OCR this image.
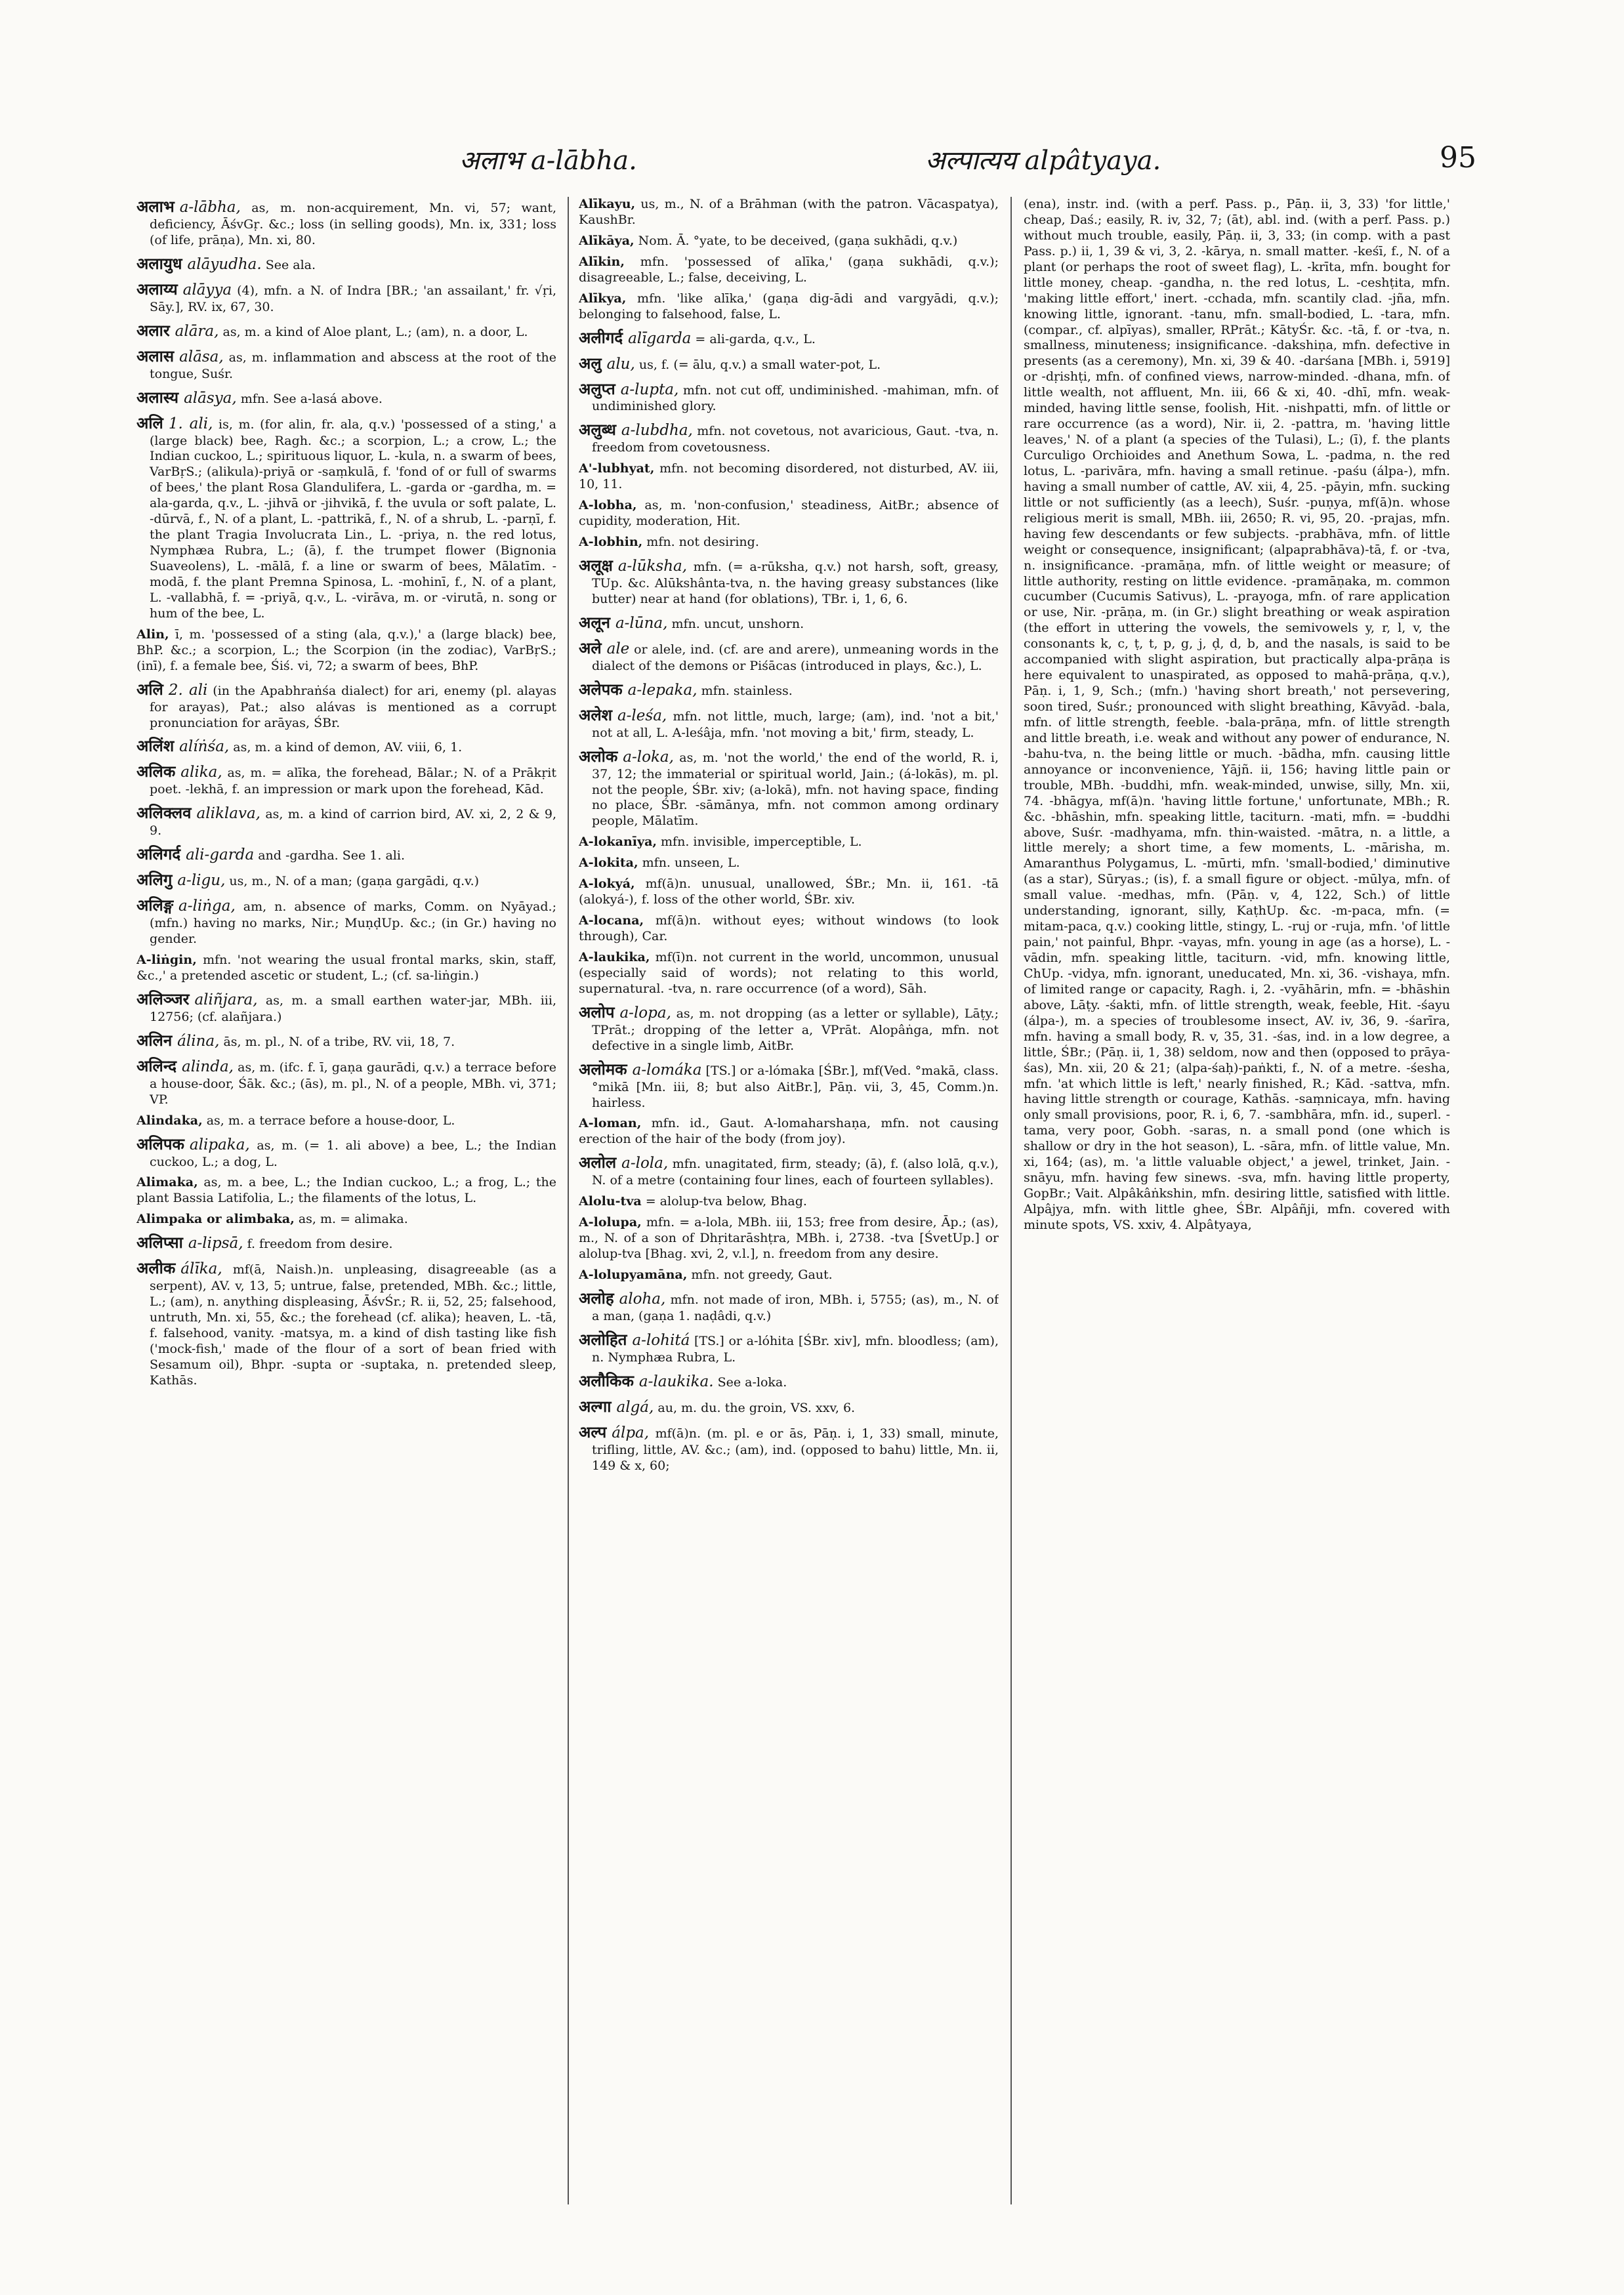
अलाभ a-lābha.	अल्पात्यय alpâtyaya.	95

अलाभ a-lābha, as, m. non-acquirement, Mn. vi, 57; want, deficiency, ĀśvGṛ. &c.; loss (in selling goods), Mn. ix, 331; loss (of life, prāṇa), Mn. xi, 80.

अलायुध alāyudha. See ala.

अलाय्य alāyya (4), mfn. a N. of Indra [BR.; 'an assailant,' fr. √ṛi, Sāy.], RV. ix, 67, 30.

अलार alāra, as, m. a kind of Aloe plant, L.; (am), n. a door, L.

अलास alāsa, as, m. inflammation and abscess at the root of the tongue, Suśr.

अलास्य alāsya, mfn. See a-lasá above.

अलि 1. ali, is, m. (for alin, fr. ala, q.v.) 'possessed of a sting,' a (large black) bee, Ragh. &c.; a scorpion, L.; a crow, L.; the Indian cuckoo, L.; spirituous liquor, L. -kula, n. a swarm of bees, VarBṛS.; (alikula)-priyā or -saṃkulā, f. 'fond of or full of swarms of bees,' the plant Rosa Glandulifera, L. -garda or -gardha, m. = ala-garda, q.v., L. -jihvā or -jihvikā, f. the uvula or soft palate, L. -dūrvā, f., N. of a plant, L. -pattrikā, f., N. of a shrub, L. -parṇī, f. the plant Tragia Involucrata Lin., L. -priya, n. the red lotus, Nymphæa Rubra, L.; (ā), f. the trumpet flower (Bignonia Suaveolens), L. -mālā, f. a line or swarm of bees, Mālatīm. -modā, f. the plant Premna Spinosa, L. -mohinī, f., N. of a plant, L. -vallabhā, f. = -priyā, q.v., L. -virāva, m. or -virutā, n. song or hum of the bee, L.

Alin, ī, m. 'possessed of a sting (ala, q.v.),' a (large black) bee, BhP. &c.; a scorpion, L.; the Scorpion (in the zodiac), VarBṛS.; (inī), f. a female bee, Śiś. vi, 72; a swarm of bees, BhP.

अलि 2. ali (in the Apabhraṅśa dialect) for ari, enemy (pl. alayas for arayas), Pat.; also alávas is mentioned as a corrupt pronunciation for arāyas, ŚBr.

अलिंश alíṅśa, as, m. a kind of demon, AV. viii, 6, 1.

अलिक alika, as, m. = alīka, the forehead, Bālar.; N. of a Prākṛit poet. -lekhā, f. an impression or mark upon the forehead, Kād.

अलिक्लव aliklava, as, m. a kind of carrion bird, AV. xi, 2, 2 & 9, 9.

अलिगर्द ali-garda and -gardha. See 1. ali.

अलिगु a-ligu, us, m., N. of a man; (gaṇa gargādi, q.v.)

अलिङ्ग a-liṅga, am, n. absence of marks, Comm. on Nyāyad.; (mfn.) having no marks, Nir.; MuṇḍUp. &c.; (in Gr.) having no gender.

A-liṅgin, mfn. 'not wearing the usual frontal marks, skin, staff, &c.,' a pretended ascetic or student, L.; (cf. sa-liṅgin.)

अलिञ्जर aliñjara, as, m. a small earthen water-jar, MBh. iii, 12756; (cf. alañjara.)

अलिन álina, ās, m. pl., N. of a tribe, RV. vii, 18, 7.

अलिन्द alinda, as, m. (ifc. f. ī, gaṇa gaurādi, q.v.) a terrace before a house-door, Śāk. &c.; (ās), m. pl., N. of a people, MBh. vi, 371; VP.

Alindaka, as, m. a terrace before a house-door, L.

अलिपक alipaka, as, m. (= 1. ali above) a bee, L.; the Indian cuckoo, L.; a dog, L.

Alimaka, as, m. a bee, L.; the Indian cuckoo, L.; a frog, L.; the plant Bassia Latifolia, L.; the filaments of the lotus, L.

Alimpaka or alimbaka, as, m. = alimaka.

अलिप्सा a-lipsā, f. freedom from desire.

अलीक álīka, mf(ā, Naish.)n. unpleasing, disagreeable (as a serpent), AV. v, 13, 5; untrue, false, pretended, MBh. &c.; little, L.; (am), n. anything displeasing, ĀśvŚr.; R. ii, 52, 25; falsehood, untruth, Mn. xi, 55, &c.; the forehead (cf. alika); heaven, L. -tā, f. falsehood, vanity. -matsya, m. a kind of dish tasting like fish ('mock-fish,' made of the flour of a sort of bean fried with Sesamum oil), Bhpr. -supta or -suptaka, n. pretended sleep, Kathās.

Alīkayu, us, m., N. of a Brāhman (with the patron. Vācaspatya), KaushBr.

Alīkāya, Nom. Ā. °yate, to be deceived, (gaṇa sukhādi, q.v.)

Alīkin, mfn. 'possessed of alīka,' (gaṇa sukhādi, q.v.); disagreeable, L.; false, deceiving, L.

Alīkya, mfn. 'like alīka,' (gaṇa dig-ādi and vargyādi, q.v.); belonging to falsehood, false, L.

अलीगर्द alīgarda = ali-garda, q.v., L.

अलु alu, us, f. (= ālu, q.v.) a small water-pot, L.

अलुप्त a-lupta, mfn. not cut off, undiminished. -mahiman, mfn. of undiminished glory.

अलुब्ध a-lubdha, mfn. not covetous, not avaricious, Gaut. -tva, n. freedom from covetousness.

A'-lubhyat, mfn. not becoming disordered, not disturbed, AV. iii, 10, 11.

A-lobha, as, m. 'non-confusion,' steadiness, AitBr.; absence of cupidity, moderation, Hit.

A-lobhin, mfn. not desiring.

अलूक्ष a-lūksha, mfn. (= a-rūksha, q.v.) not harsh, soft, greasy, TUp. &c. Alūkshânta-tva, n. the having greasy substances (like butter) near at hand (for oblations), TBr. i, 1, 6, 6.

अलून a-lūna, mfn. uncut, unshorn.

अले ale or alele, ind. (cf. are and arere), unmeaning words in the dialect of the demons or Piśācas (introduced in plays, &c.), L.

अलेपक a-lepaka, mfn. stainless.

अलेश a-leśa, mfn. not little, much, large; (am), ind. 'not a bit,' not at all, L. A-leśâja, mfn. 'not moving a bit,' firm, steady, L.

अलोक a-loka, as, m. 'not the world,' the end of the world, R. i, 37, 12; the immaterial or spiritual world, Jain.; (á-lokās), m. pl. not the people, ŚBr. xiv; (a-lokā), mfn. not having space, finding no place, ŚBr. -sāmānya, mfn. not common among ordinary people, Mālatīm.

A-lokanīya, mfn. invisible, imperceptible, L.

A-lokita, mfn. unseen, L.

A-lokyá, mf(ā)n. unusual, unallowed, ŚBr.; Mn. ii, 161. -tā (alokyá-), f. loss of the other world, ŚBr. xiv.

A-locana, mf(ā)n. without eyes; without windows (to look through), Car.

A-laukika, mf(ī)n. not current in the world, uncommon, unusual (especially said of words); not relating to this world, supernatural. -tva, n. rare occurrence (of a word), Sāh.

अलोप a-lopa, as, m. not dropping (as a letter or syllable), Lāṭy.; TPrāt.; dropping of the letter a, VPrāt. Alopâṅga, mfn. not defective in a single limb, AitBr.

अलोमक a-lomáka [TS.] or a-lómaka [ŚBr.], mf(Ved. °makā, class. °mikā [Mn. iii, 8; but also AitBr.], Pāṇ. vii, 3, 45, Comm.)n. hairless.

A-loman, mfn. id., Gaut. A-lomaharshaṇa, mfn. not causing erection of the hair of the body (from joy).

अलोल a-lola, mfn. unagitated, firm, steady; (ā), f. (also lolā, q.v.), N. of a metre (containing four lines, each of fourteen syllables).

Alolu-tva = alolup-tva below, Bhag.

A-lolupa, mfn. = a-lola, MBh. iii, 153; free from desire, Āp.; (as), m., N. of a son of Dhṛitarāshṭra, MBh. i, 2738. -tva [ŚvetUp.] or alolup-tva [Bhag. xvi, 2, v.l.], n. freedom from any desire.

A-lolupyamāna, mfn. not greedy, Gaut.

अलोह aloha, mfn. not made of iron, MBh. i, 5755; (as), m., N. of a man, (gaṇa 1. naḍâdi, q.v.)

अलोहित a-lohitá [TS.] or a-lóhita [ŚBr. xiv], mfn. bloodless; (am), n. Nymphæa Rubra, L.

अलौकिक a-laukika. See a-loka.

अल्गा algá, au, m. du. the groin, VS. xxv, 6.

अल्प álpa, mf(ā)n. (m. pl. e or ās, Pāṇ. i, 1, 33) small, minute, trifling, little, AV. &c.; (am), ind. (opposed to bahu) little, Mn. ii, 149 & x, 60;

(ena), instr. ind. (with a perf. Pass. p., Pāṇ. ii, 3, 33) 'for little,' cheap, Daś.; easily, R. iv, 32, 7; (āt), abl. ind. (with a perf. Pass. p.) without much trouble, easily, Pāṇ. ii, 3, 33; (in comp. with a past Pass. p.) ii, 1, 39 & vi, 3, 2. -kārya, n. small matter. -keśī, f., N. of a plant (or perhaps the root of sweet flag), L. -krīta, mfn. bought for little money, cheap. -gandha, n. the red lotus, L. -ceshṭita, mfn. 'making little effort,' inert. -cchada, mfn. scantily clad. -jña, mfn. knowing little, ignorant. -tanu, mfn. small-bodied, L. -tara, mfn. (compar., cf. alpīyas), smaller, RPrāt.; KātyŚr. &c. -tā, f. or -tva, n. smallness, minuteness; insignificance. -dakshiṇa, mfn. defective in presents (as a ceremony), Mn. xi, 39 & 40. -darśana [MBh. i, 5919] or -dṛishṭi, mfn. of confined views, narrow-minded. -dhana, mfn. of little wealth, not affluent, Mn. iii, 66 & xi, 40. -dhī, mfn. weak-minded, having little sense, foolish, Hit. -nishpatti, mfn. of little or rare occurrence (as a word), Nir. ii, 2. -pattra, m. 'having little leaves,' N. of a plant (a species of the Tulasi), L.; (ī), f. the plants Curculigo Orchioides and Anethum Sowa, L. -padma, n. the red lotus, L. -parivāra, mfn. having a small retinue. -paśu (álpa-), mfn. having a small number of cattle, AV. xii, 4, 25. -pāyin, mfn. sucking little or not sufficiently (as a leech), Suśr. -puṇya, mf(ā)n. whose religious merit is small, MBh. iii, 2650; R. vi, 95, 20. -prajas, mfn. having few descendants or few subjects. -prabhāva, mfn. of little weight or consequence, insignificant; (alpaprabhāva)-tā, f. or -tva, n. insignificance. -pramāṇa, mfn. of little weight or measure; of little authority, resting on little evidence. -pramāṇaka, m. common cucumber (Cucumis Sativus), L. -prayoga, mfn. of rare application or use, Nir. -prāṇa, m. (in Gr.) slight breathing or weak aspiration (the effort in uttering the vowels, the semivowels y, r, l, v, the consonants k, c, ṭ, t, p, g, j, ḍ, d, b, and the nasals, is said to be accompanied with slight aspiration, but practically alpa-prāṇa is here equivalent to unaspirated, as opposed to mahā-prāṇa, q.v.), Pāṇ. i, 1, 9, Sch.; (mfn.) 'having short breath,' not persevering, soon tired, Suśr.; pronounced with slight breathing, Kāvyād. -bala, mfn. of little strength, feeble. -bala-prāṇa, mfn. of little strength and little breath, i.e. weak and without any power of endurance, N. -bahu-tva, n. the being little or much. -bādha, mfn. causing little annoyance or inconvenience, Yājñ. ii, 156; having little pain or trouble, MBh. -buddhi, mfn. weak-minded, unwise, silly, Mn. xii, 74. -bhāgya, mf(ā)n. 'having little fortune,' unfortunate, MBh.; R. &c. -bhāshin, mfn. speaking little, taciturn. -mati, mfn. = -buddhi above, Suśr. -madhyama, mfn. thin-waisted. -mātra, n. a little, a little merely; a short time, a few moments, L. -mārisha, m. Amaranthus Polygamus, L. -mūrti, mfn. 'small-bodied,' diminutive (as a star), Sūryas.; (is), f. a small figure or object. -mūlya, mfn. of small value. -medhas, mfn. (Pāṇ. v, 4, 122, Sch.) of little understanding, ignorant, silly, KaṭhUp. &c. -m-paca, mfn. (= mitam-paca, q.v.) cooking little, stingy, L. -ruj or -ruja, mfn. 'of little pain,' not painful, Bhpr. -vayas, mfn. young in age (as a horse), L. -vādin, mfn. speaking little, taciturn. -vid, mfn. knowing little, ChUp. -vidya, mfn. ignorant, uneducated, Mn. xi, 36. -vishaya, mfn. of limited range or capacity, Ragh. i, 2. -vyāhārin, mfn. = -bhāshin above, Lāṭy. -śakti, mfn. of little strength, weak, feeble, Hit. -śayu (álpa-), m. a species of troublesome insect, AV. iv, 36, 9. -śarīra, mfn. having a small body, R. v, 35, 31. -śas, ind. in a low degree, a little, ŚBr.; (Pāṇ. ii, 1, 38) seldom, now and then (opposed to prāya-śas), Mn. xii, 20 & 21; (alpa-śaḥ)-paṅkti, f., N. of a metre. -śesha, mfn. 'at which little is left,' nearly finished, R.; Kād. -sattva, mfn. having little strength or courage, Kathās. -saṃnicaya, mfn. having only small provisions, poor, R. i, 6, 7. -sambhāra, mfn. id., superl. -tama, very poor, Gobh. -saras, n. a small pond (one which is shallow or dry in the hot season), L. -sāra, mfn. of little value, Mn. xi, 164; (as), m. 'a little valuable object,' a jewel, trinket, Jain. -snāyu, mfn. having few sinews. -sva, mfn. having little property, GopBr.; Vait. Alpâkâṅkshin, mfn. desiring little, satisfied with little. Alpâjya, mfn. with little ghee, ŚBr. Alpâñji, mfn. covered with minute spots, VS. xxiv, 4. Alpâtyaya,
